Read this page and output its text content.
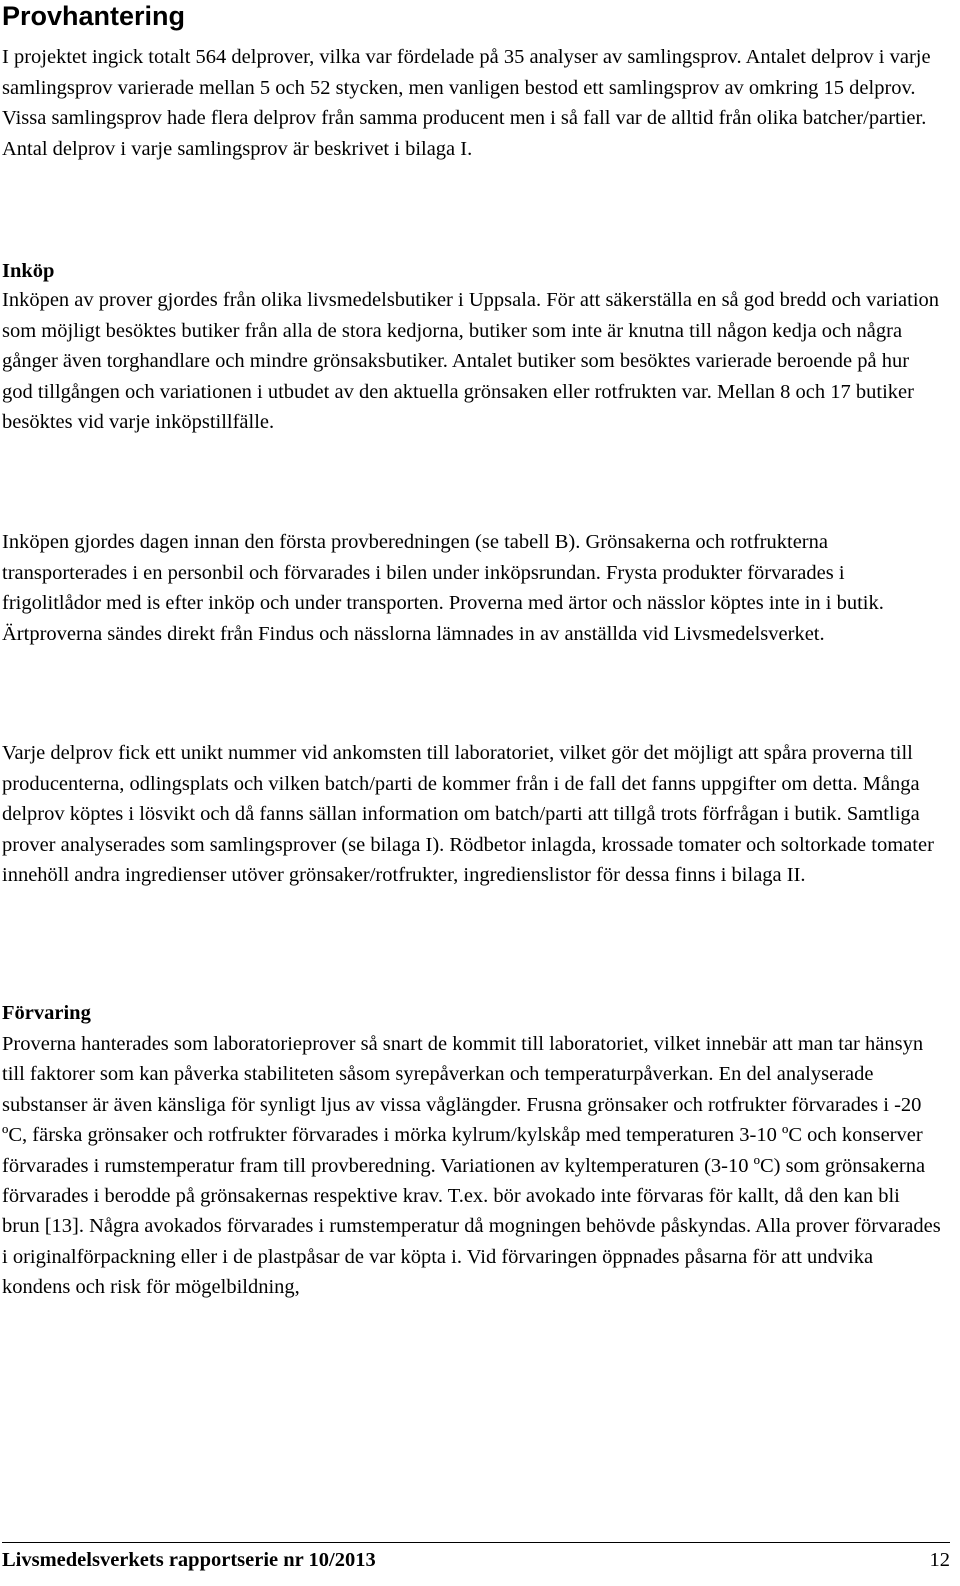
Provhantering

I projektet ingick totalt 564 delprover, vilka var fördelade på 35 analyser av samlingsprov. Antalet delprov i varje samlingsprov varierade mellan 5 och 52 stycken, men vanligen bestod ett samlingsprov av omkring 15 delprov. Vissa samlingsprov hade flera delprov från samma producent men i så fall var de alltid från olika batcher/partier. Antal delprov i varje samlingsprov är beskrivet i bilaga I.

Inköp

Inköpen av prover gjordes från olika livsmedelsbutiker i Uppsala. För att säkerställa en så god bredd och variation som möjligt besöktes butiker från alla de stora kedjorna, butiker som inte är knutna till någon kedja och några gånger även torghandlare och mindre grönsaksbutiker. Antalet butiker som besöktes varierade beroende på hur god tillgången och variationen i utbudet av den aktuella grönsaken eller rotfrukten var. Mellan 8 och 17 butiker besöktes vid varje inköpstillfälle.

Inköpen gjordes dagen innan den första provberedningen (se tabell B). Grönsakerna och rotfrukterna transporterades i en personbil och förvarades i bilen under inköpsrundan. Frysta produkter förvarades i frigolitlådor med is efter inköp och under transporten. Proverna med ärtor och nässlor köptes inte in i butik. Ärtproverna sändes direkt från Findus och nässlorna lämnades in av anställda vid Livsmedelsverket.

Varje delprov fick ett unikt nummer vid ankomsten till laboratoriet, vilket gör det möjligt att spåra proverna till producenterna, odlingsplats och vilken batch/parti de kommer från i de fall det fanns uppgifter om detta. Många delprov köptes i lösvikt och då fanns sällan information om batch/parti att tillgå trots förfrågan i butik. Samtliga prover analyserades som samlingsprover (se bilaga I). Rödbetor inlagda, krossade tomater och soltorkade tomater innehöll andra ingredienser utöver grönsaker/rotfrukter, ingredienslistor för dessa finns i bilaga II.

Förvaring

Proverna hanterades som laboratorieprover så snart de kommit till laboratoriet, vilket innebär att man tar hänsyn till faktorer som kan påverka stabiliteten såsom syrepåverkan och temperaturpåverkan. En del analyserade substanser är även känsliga för synligt ljus av vissa våglängder. Frusna grönsaker och rotfrukter förvarades i -20 ºC, färska grönsaker och rotfrukter förvarades i mörka kylrum/kylskåp med temperaturen 3-10 ºC och konserver förvarades i rumstemperatur fram till provberedning. Variationen av kyltemperaturen (3-10 ºC) som grönsakerna förvarades i berodde på grönsakernas respektive krav. T.ex. bör avokado inte förvaras för kallt, då den kan bli brun [13]. Några avokados förvarades i rumstemperatur då mogningen behövde påskyndas. Alla prover förvarades i originalförpackning eller i de plastpåsar de var köpta i. Vid förvaringen öppnades påsarna för att undvika kondens och risk för mögelbildning,

Livsmedelsverkets rapportserie nr 10/2013	12
